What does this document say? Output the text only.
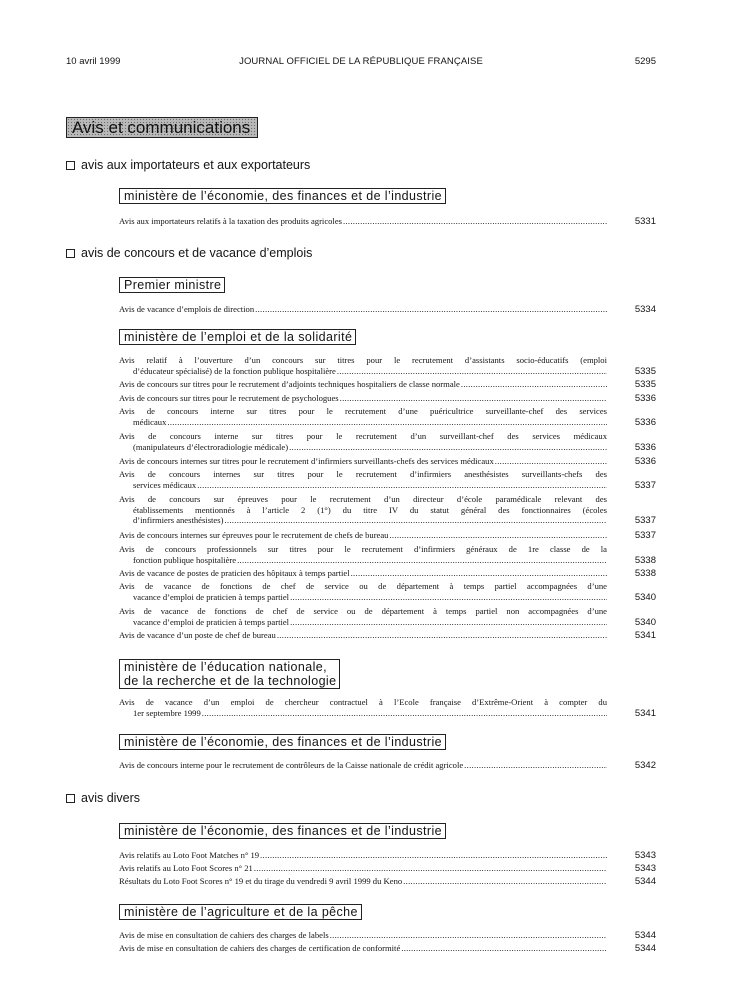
10 avril 1999	JOURNAL OFFICIEL DE LA RÉPUBLIQUE FRANÇAISE	5295
Avis et communications
avis aux importateurs et aux exportateurs
avis de concours et de vacance d’emplois
avis divers
ministère de l’économie, des finances et de l’industrie
Premier ministre
ministère de l’emploi et de la solidarité
ministère de l’éducation nationale,
de la recherche et de la technologie
ministère de l’économie, des finances et de l’industrie
ministère de l’économie, des finances et de l’industrie
ministère de l’agriculture et de la pêche
Avis aux importateurs relatifs à la taxation des produits agricoles .....	5331
Avis de vacance d’emplois de direction .....	5334
Avis relatif à l’ouverture d’un concours sur titres pour le recrutement d’assistants socio-éducatifs (emploi
d’éducateur spécialisé) de la fonction publique hospitalière .....	5335
Avis de concours sur titres pour le recrutement d’adjoints techniques hospitaliers de classe normale .....	5335
Avis de concours sur titres pour le recrutement de psychologues .....	5336
Avis de concours interne sur titres pour le recrutement d’une puéricultrice surveillante-chef des services
médicaux .....	5336
Avis de concours interne sur titres pour le recrutement d’un surveillant-chef des services médicaux
(manipulateurs d’électroradiologie médicale) .....	5336
Avis de concours internes sur titres pour le recrutement d’infirmiers surveillants-chefs des services médicaux .....	5336
Avis de concours internes sur titres pour le recrutement d’infirmiers anesthésistes surveillants-chefs des
services médicaux .....	5337
Avis de concours sur épreuves pour le recrutement d’un directeur d’école paramédicale relevant des
établissements mentionnés à l’article 2 (1°) du titre IV du statut général des fonctionnaires (écoles
d’infirmiers anesthésistes) .....	5337
Avis de concours internes sur épreuves pour le recrutement de chefs de bureau .....	5337
Avis de concours professionnels sur titres pour le recrutement d’infirmiers généraux de 1re classe de la
fonction publique hospitalière .....	5338
Avis de vacance de postes de praticien des hôpitaux à temps partiel .....	5338
Avis de vacance de fonctions de chef de service ou de département à temps partiel accompagnées d’une
vacance d’emploi de praticien à temps partiel .....	5340
Avis de vacance de fonctions de chef de service ou de département à temps partiel non accompagnées d’une
vacance d’emploi de praticien à temps partiel .....	5340
Avis de vacance d’un poste de chef de bureau .....	5341
Avis de vacance d’un emploi de chercheur contractuel à l’Ecole française d’Extrême-Orient à compter du
1er septembre 1999 .....	5341
Avis de concours interne pour le recrutement de contrôleurs de la Caisse nationale de crédit agricole .....	5342
Avis relatifs au Loto Foot Matches n° 19 .....	5343
Avis relatifs au Loto Foot Scores n° 21 .....	5343
Résultats du Loto Foot Scores n° 19 et du tirage du vendredi 9 avril 1999 du Keno .....	5344
Avis de mise en consultation de cahiers des charges de labels .....	5344
Avis de mise en consultation de cahiers des charges de certification de conformité .....	5344
